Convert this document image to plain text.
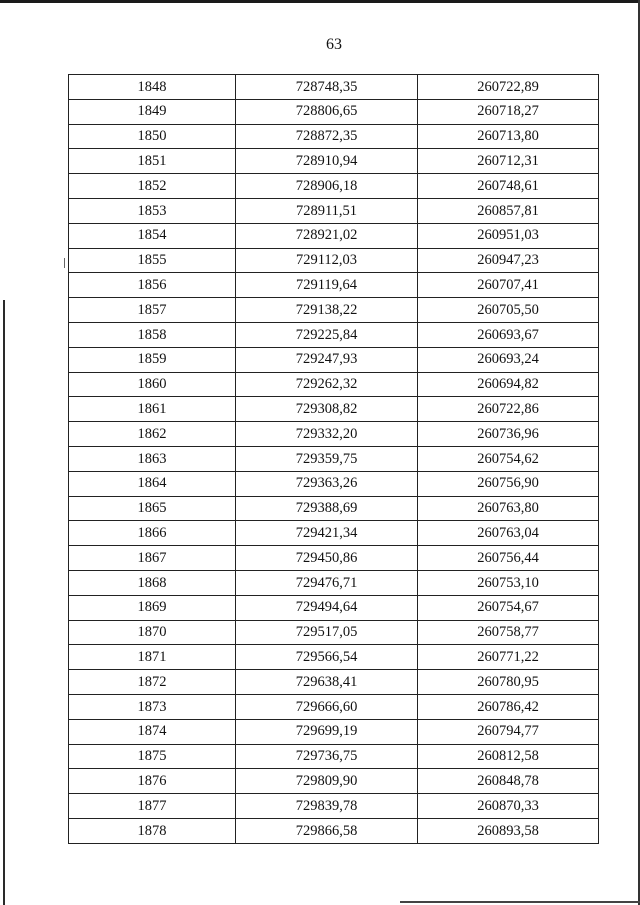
63
1848	728748,35	260722,89
1849	728806,65	260718,27
1850	728872,35	260713,80
1851	728910,94	260712,31
1852	728906,18	260748,61
1853	728911,51	260857,81
1854	728921,02	260951,03
1855	729112,03	260947,23
1856	729119,64	260707,41
1857	729138,22	260705,50
1858	729225,84	260693,67
1859	729247,93	260693,24
1860	729262,32	260694,82
1861	729308,82	260722,86
1862	729332,20	260736,96
1863	729359,75	260754,62
1864	729363,26	260756,90
1865	729388,69	260763,80
1866	729421,34	260763,04
1867	729450,86	260756,44
1868	729476,71	260753,10
1869	729494,64	260754,67
1870	729517,05	260758,77
1871	729566,54	260771,22
1872	729638,41	260780,95
1873	729666,60	260786,42
1874	729699,19	260794,77
1875	729736,75	260812,58
1876	729809,90	260848,78
1877	729839,78	260870,33
1878	729866,58	260893,58
